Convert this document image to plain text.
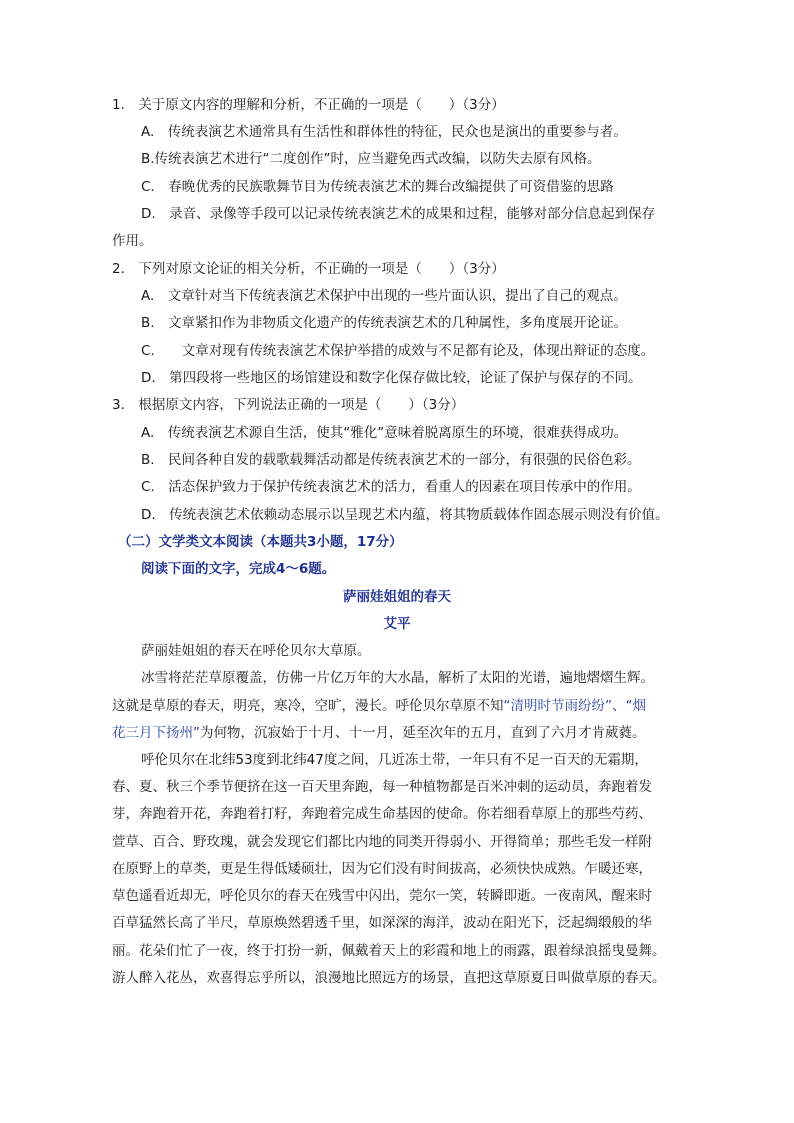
1.　关于原文内容的理解和分析，不正确的一项是（　　）（3分）
A.　传统表演艺术通常具有生活性和群体性的特征，民众也是演出的重要参与者。
B.传统表演艺术进行“二度创作”时，应当避免西式改编，以防失去原有风格。
C.　春晚优秀的民族歌舞节目为传统表演艺术的舞台改编提供了可资借鉴的思路
D.　录音、录像等手段可以记录传统表演艺术的成果和过程，能够对部分信息起到保存
作用。
2.　下列对原文论证的相关分析，不正确的一项是（　　）（3分）
A.　文章针对当下传统表演艺术保护中出现的一些片面认识，提出了自己的观点。
B.　文章紧扣作为非物质文化遗产的传统表演艺术的几种属性，多角度展开论证。
C.　　文章对现有传统表演艺术保护举措的成效与不足都有论及，体现出辩证的态度。
D.　第四段将一些地区的场馆建设和数字化保存做比较，论证了保护与保存的不同。
3.　根据原文内容，下列说法正确的一项是（　　）（3分）
A.　传统表演艺术源自生活，使其“雅化”意味着脱离原生的环境，很难获得成功。
B.　民间各种自发的载歌载舞活动都是传统表演艺术的一部分，有很强的民俗色彩。
C.　活态保护致力于保护传统表演艺术的活力，看重人的因素在项目传承中的作用。
D.　传统表演艺术依赖动态展示以呈现艺术内蕴，将其物质载体作固态展示则没有价值。
（二）文学类文本阅读（本题共3小题，17分）
阅读下面的文字，完成4～6题。
萨丽娃姐姐的春天
艾平
萨丽娃姐姐的春天在呼伦贝尔大草原。
冰雪将茫茫草原覆盖，仿佛一片亿万年的大水晶，解析了太阳的光谱，遍地熠熠生辉。
这就是草原的春天，明亮，寒冷，空旷，漫长。呼伦贝尔草原不知“清明时节雨纷纷”、“烟
花三月下扬州”为何物，沉寂始于十月、十一月，延至次年的五月，直到了六月才肯葳蕤。
呼伦贝尔在北纬53度到北纬47度之间，几近冻土带，一年只有不足一百天的无霜期，
春、夏、秋三个季节便挤在这一百天里奔跑，每一种植物都是百米冲刺的运动员，奔跑着发
芽，奔跑着开花，奔跑着打籽，奔跑着完成生命基因的使命。你若细看草原上的那些芍药、
萱草、百合、野玫瑰，就会发现它们都比内地的同类开得弱小、开得简单；那些毛发一样附
在原野上的草类，更是生得低矮硕壮，因为它们没有时间拔高，必须快快成熟。乍暖还寒，
草色遥看近却无，呼伦贝尔的春天在残雪中闪出，莞尔一笑，转瞬即逝。一夜南风，醒来时
百草猛然长高了半尺，草原焕然碧透千里，如深深的海洋，波动在阳光下，泛起绸缎般的华
丽。花朵们忙了一夜，终于打扮一新，佩戴着天上的彩霞和地上的雨露，跟着绿浪摇曳曼舞。
游人醉入花丛，欢喜得忘乎所以，浪漫地比照远方的场景，直把这草原夏日叫做草原的春天。
